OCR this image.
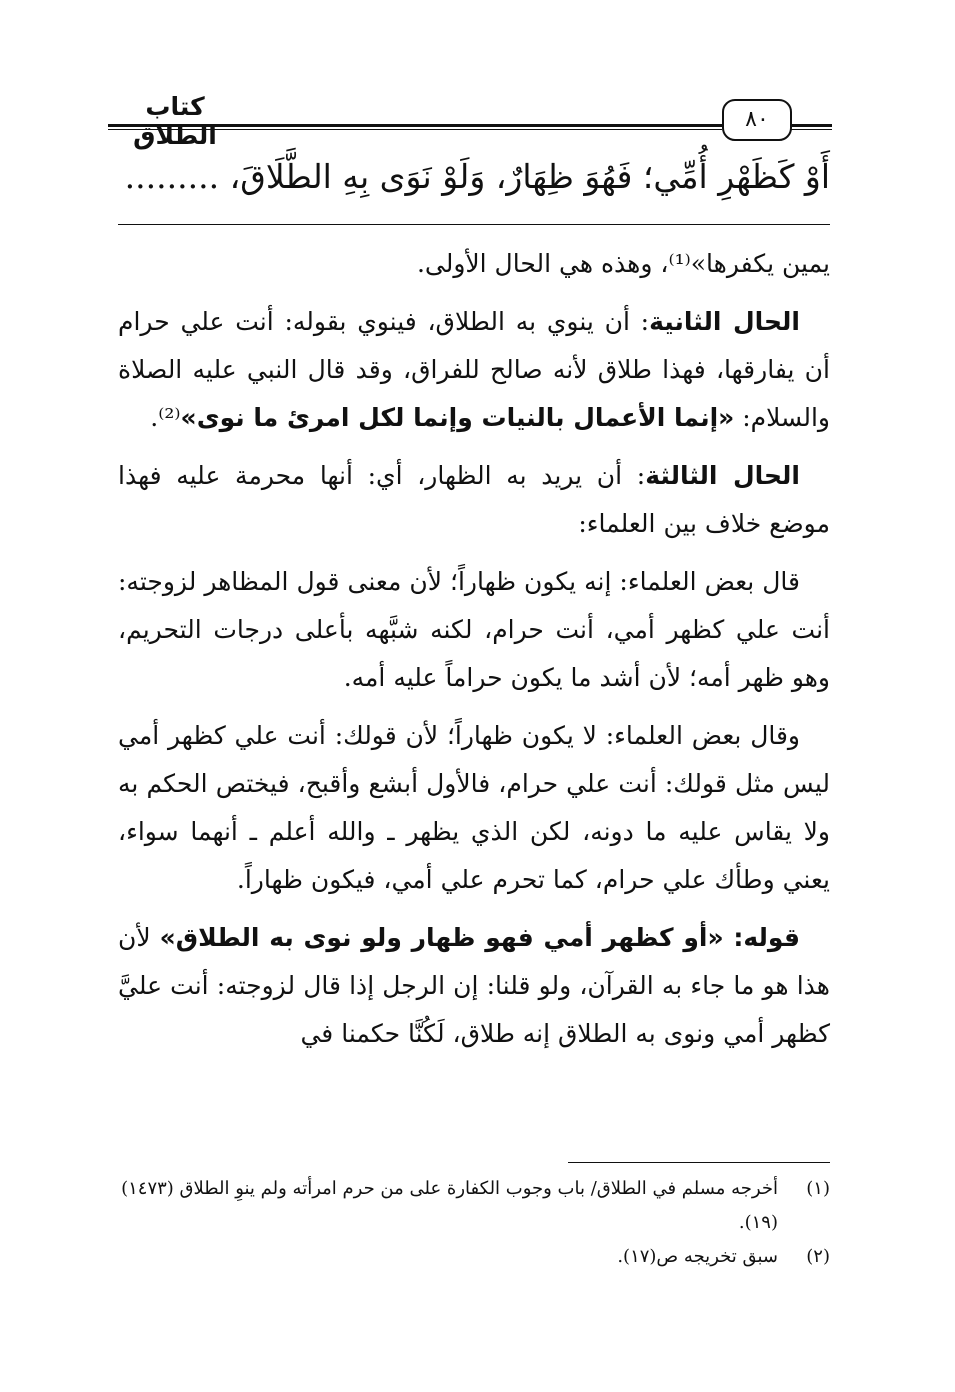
كتاب الطلاق
٨٠
أَوْ كَظَهْرِ أُمِّي؛ فَهُوَ ظِهَارٌ، وَلَوْ نَوَى بِهِ الطَّلَاقَ، .........

يمين يكفرها»⁽¹⁾، وهذه هي الحال الأولى.

الحال الثانية: أن ينوي به الطلاق، فينوي بقوله: أنت علي حرام أن يفارقها، فهذا طلاق لأنه صالح للفراق، وقد قال النبي عليه الصلاة والسلام: «إنما الأعمال بالنيات وإنما لكل امرئ ما نوى»⁽²⁾.

الحال الثالثة: أن يريد به الظهار، أي: أنها محرمة عليه فهذا موضع خلاف بين العلماء:

قال بعض العلماء: إنه يكون ظهاراً؛ لأن معنى قول المظاهر لزوجته: أنت علي كظهر أمي، أنت حرام، لكنه شبَّهه بأعلى درجات التحريم، وهو ظهر أمه؛ لأن أشد ما يكون حراماً عليه أمه.

وقال بعض العلماء: لا يكون ظهاراً؛ لأن قولك: أنت علي كظهر أمي ليس مثل قولك: أنت علي حرام، فالأول أبشع وأقبح، فيختص الحكم به ولا يقاس عليه ما دونه، لكن الذي يظهر ـ والله أعلم ـ أنهما سواء، يعني وطأك علي حرام، كما تحرم علي أمي، فيكون ظهاراً.

قوله: «أو كظهر أمي فهو ظهار ولو نوى به الطلاق» لأن هذا هو ما جاء به القرآن، ولو قلنا: إن الرجل إذا قال لزوجته: أنت عليَّ كظهر أمي ونوى به الطلاق إنه طلاق، لَكُنَّا حكمنا في

(١)
أخرجه مسلم في الطلاق/ باب وجوب الكفارة على من حرم امرأته ولم ينوِ الطلاق (١٤٧٣) (١٩).
(٢)
سبق تخريجه ص(١٧).
